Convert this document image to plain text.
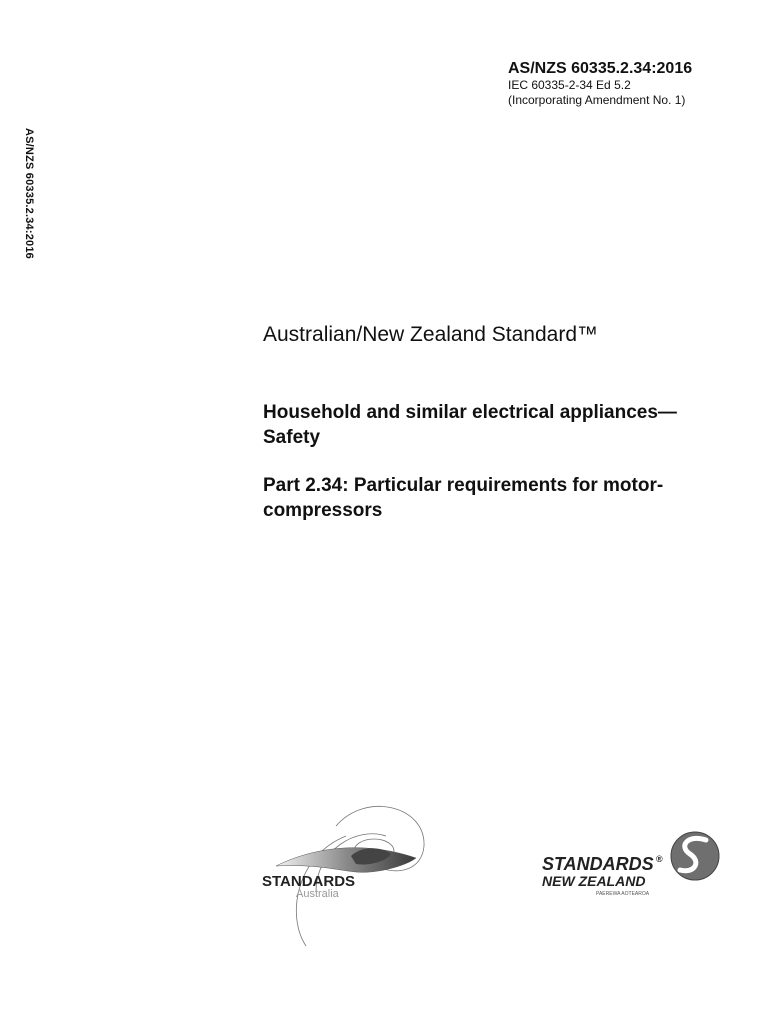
AS/NZS 60335.2.34:2016
AS/NZS 60335.2.34:2016
IEC 60335-2-34 Ed 5.2
(Incorporating Amendment No. 1)
Australian/New Zealand Standard™
Household and similar electrical appliances—Safety
Part 2.34: Particular requirements for motor-compressors
STANDARDS
Australia
STANDARDS ®
NEW ZEALAND
PAEREWA AOTEAROA
